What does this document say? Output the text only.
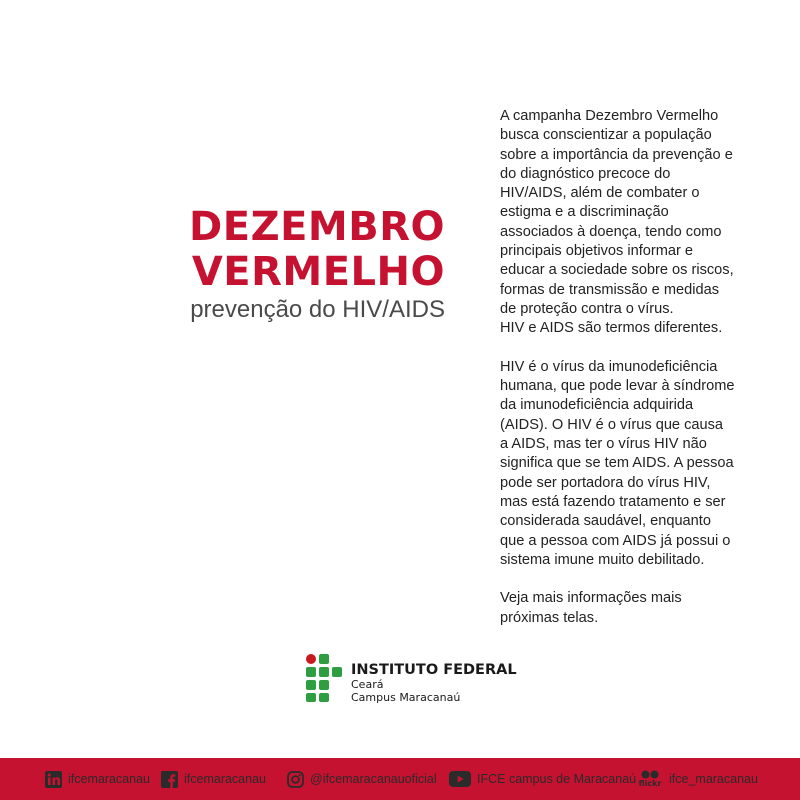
DEZEMBRO
VERMELHO
prevenção do HIV/AIDS

A campanha Dezembro Vermelho
busca conscientizar a população
sobre a importância da prevenção e
do diagnóstico precoce do
HIV/AIDS, além de combater o
estigma e a discriminação
associados à doença, tendo como
principais objetivos informar e
educar a sociedade sobre os riscos,
formas de transmissão e medidas
de proteção contra o vírus.
HIV e AIDS são termos diferentes.

HIV é o vírus da imunodeficiência
humana, que pode levar à síndrome
da imunodeficiência adquirida
(AIDS). O HIV é o vírus que causa
a AIDS, mas ter o vírus HIV não
significa que se tem AIDS. A pessoa
pode ser portadora do vírus HIV,
mas está fazendo tratamento e ser
considerada saudável, enquanto
que a pessoa com AIDS já possui o
sistema imune muito debilitado.

Veja mais informações mais
próximas telas.

INSTITUTO FEDERAL
Ceará
Campus Maracanaú
ifcemaracanau	ifcemaracanau	@ifcemaracanauoficial	IFCE campus de Maracanaú flickr ifce_maracanau
